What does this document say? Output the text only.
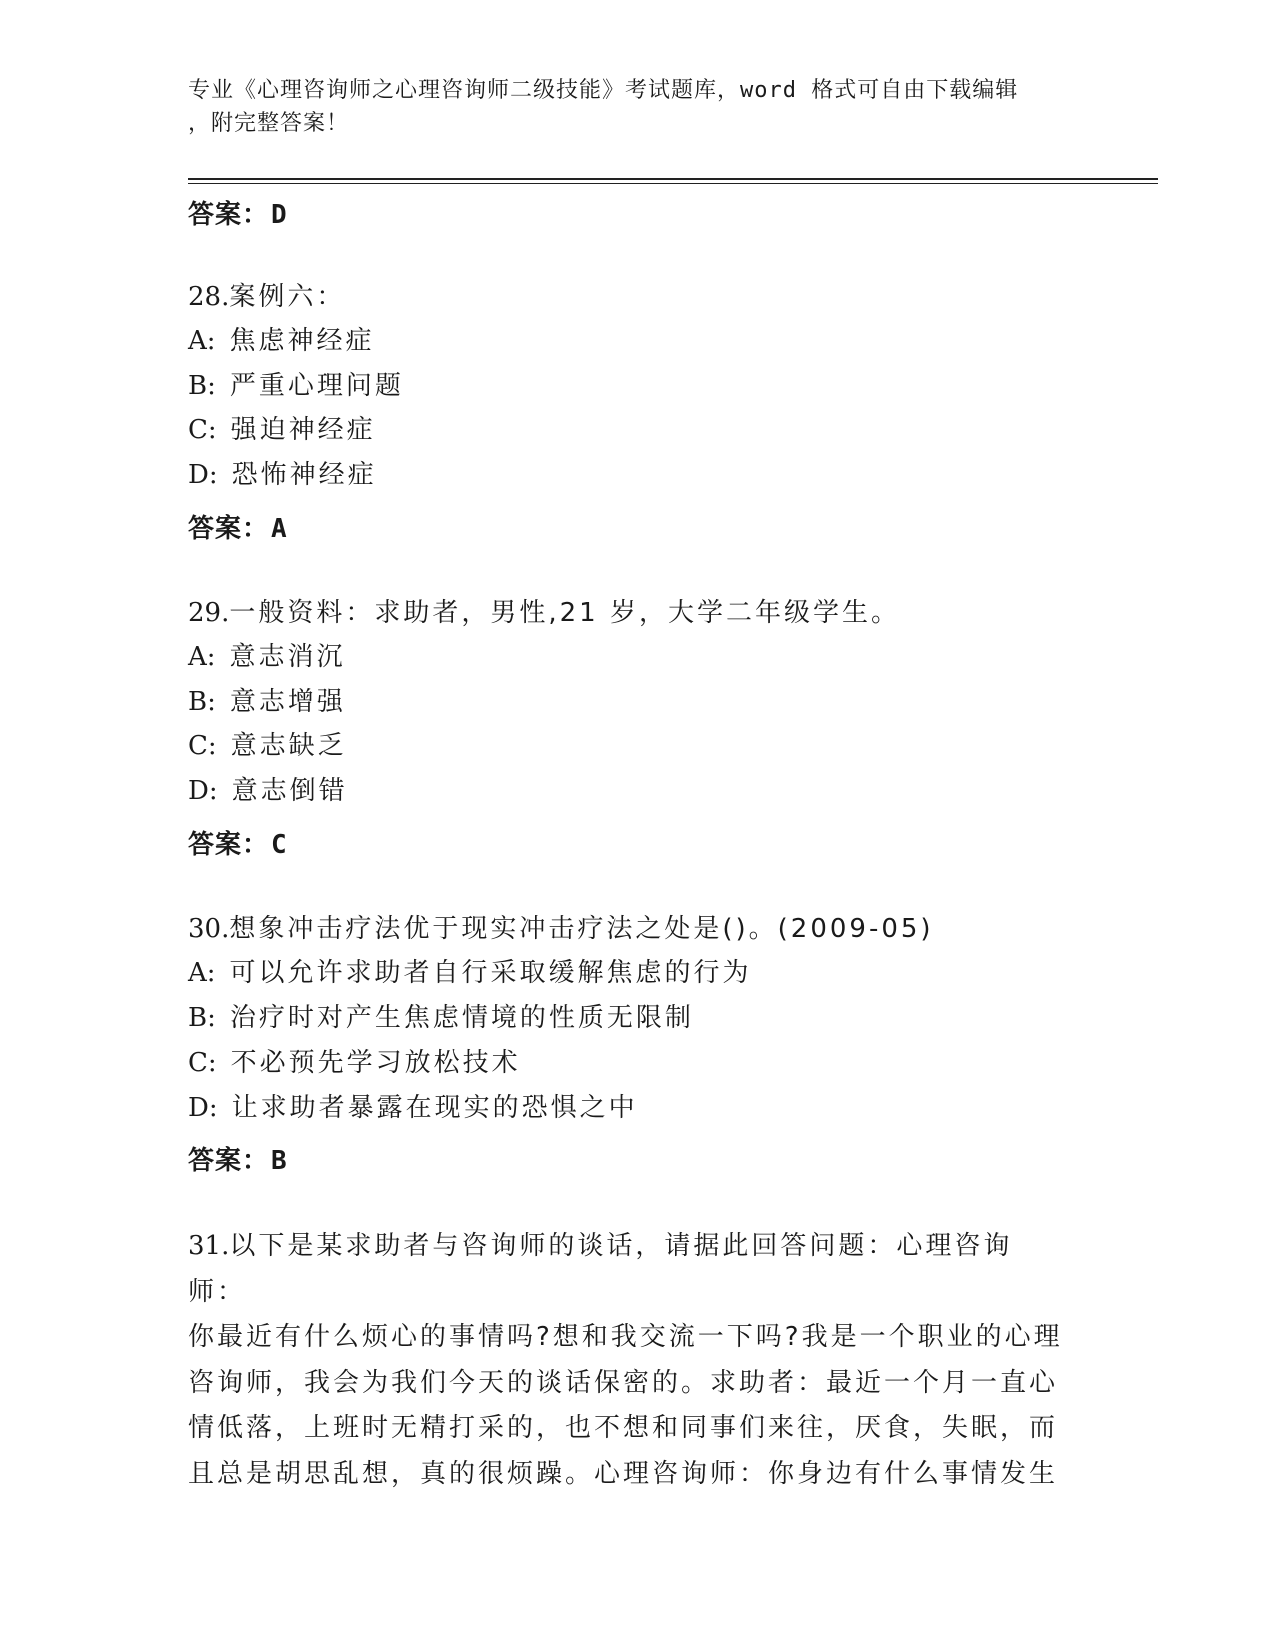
专业《心理咨询师之心理咨询师二级技能》考试题库，word 格式可自由下载编辑
，附完整答案！
答案：D
28.案例六：
A: 焦虑神经症
B: 严重心理问题
C: 强迫神经症
D: 恐怖神经症
答案：A
29.一般资料：求助者，男性,21 岁，大学二年级学生。
A: 意志消沉
B: 意志增强
C: 意志缺乏
D: 意志倒错
答案：C
30.想象冲击疗法优于现实冲击疗法之处是()。(2009-05)
A: 可以允许求助者自行采取缓解焦虑的行为
B: 治疗时对产生焦虑情境的性质无限制
C: 不必预先学习放松技术
D: 让求助者暴露在现实的恐惧之中
答案：B
31.以下是某求助者与咨询师的谈话，请据此回答问题：心理咨询师：
你最近有什么烦心的事情吗?想和我交流一下吗?我是一个职业的心理
咨询师，我会为我们今天的谈话保密的。求助者：最近一个月一直心
情低落，上班时无精打采的，也不想和同事们来往，厌食，失眠，而
且总是胡思乱想，真的很烦躁。心理咨询师：你身边有什么事情发生
